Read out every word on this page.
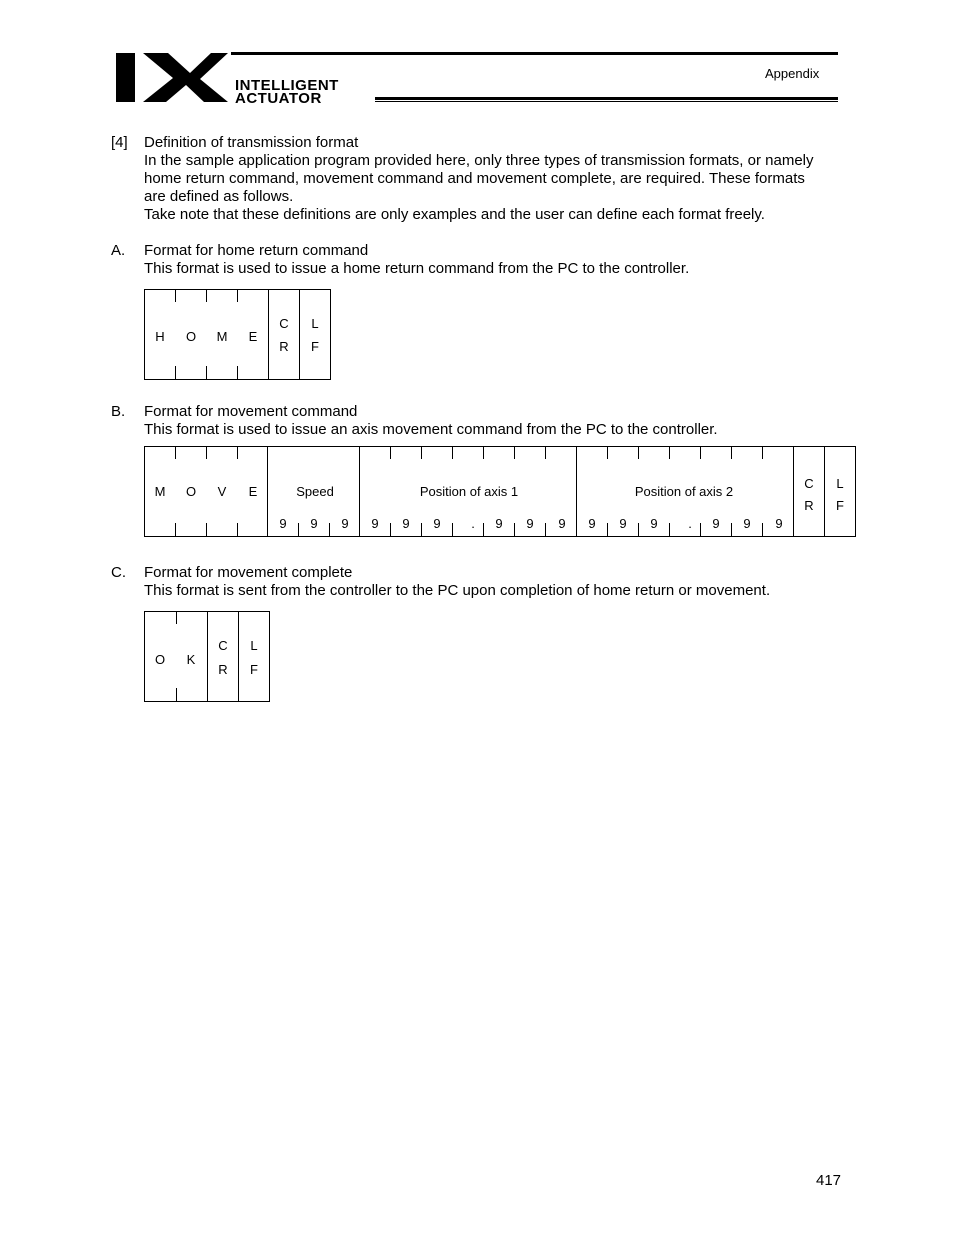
INTELLIGENT
ACTUATOR
Appendix
[4] Definition of transmission format
In the sample application program provided here, only three types of transmission formats, or namely
home return command, movement command and movement complete, are required. These formats
are defined as follows.
Take note that these definitions are only examples and the user can define each format freely.
A. Format for home return command
This format is used to issue a home return command from the PC to the controller.
B. Format for movement command
This format is used to issue an axis movement command from the PC to the controller.
C. Format for movement complete
This format is sent from the controller to the PC upon completion of home return or movement.
H O M E
C
R
L
F
M O V E	Speed
9 9 9
Position of axis 1
9 9 9 . 9 9 9
Position of axis 2
9 9 9 . 9 9 9
C
R
L
F
O K
C
R
L
F
417
